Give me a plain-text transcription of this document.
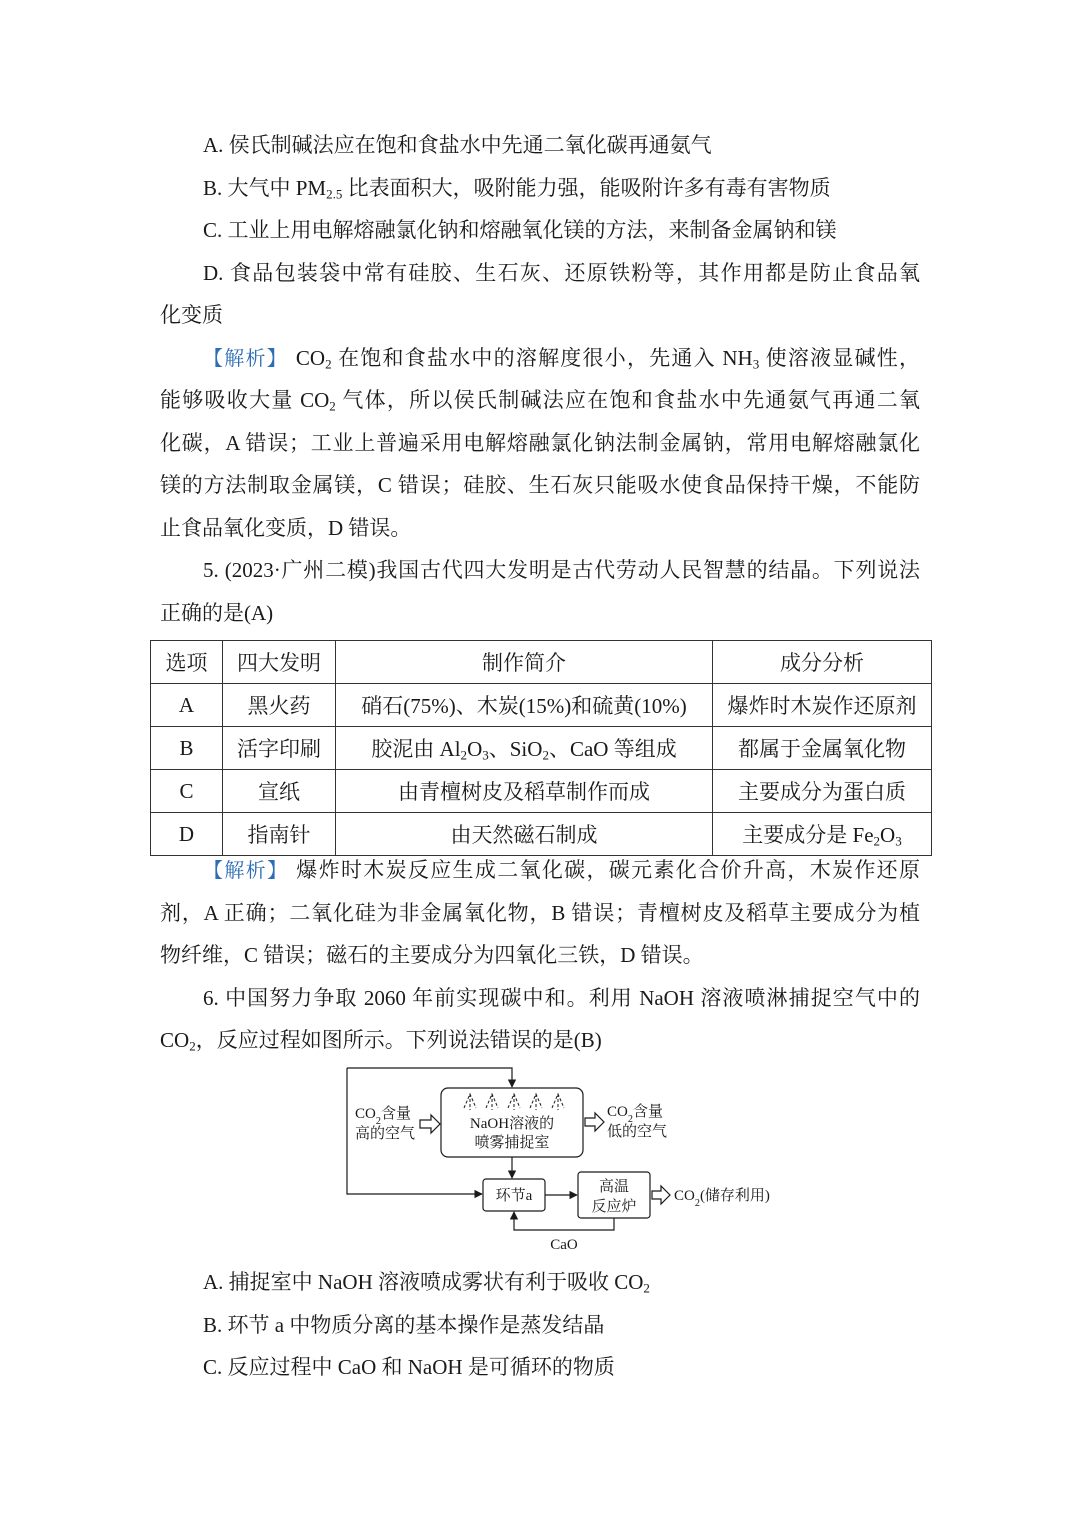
A. 侯氏制碱法应在饱和食盐水中先通二氧化碳再通氨气
B. 大气中 $PM_{2.5}$ 比表面积大，吸附能力强，能吸附许多有毒有害物质
C. 工业上用电解熔融氯化钠和熔融氧化镁的方法，来制备金属钠和镁
D. 食品包装袋中常有硅胶、生石灰、还原铁粉等，其作用都是防止食品氧
化变质
【解析】 $CO_2$ 在饱和食盐水中的溶解度很小，先通入 $NH_3$ 使溶液显碱性，
能够吸收大量 $CO_2$ 气体，所以侯氏制碱法应在饱和食盐水中先通氨气再通二氧
化碳，A 错误；工业上普遍采用电解熔融氯化钠法制金属钠，常用电解熔融氯化
镁的方法制取金属镁，C 错误；硅胶、生石灰只能吸水使食品保持干燥，不能防
止食品氧化变质，D 错误。
5. (2023·广州二模)我国古代四大发明是古代劳动人民智慧的结晶。下列说法
正确的是(A)
选项	四大发明	制作简介	成分分析
A	黑火药	硝石(75%)、木炭(15%)和硫黄(10%)	爆炸时木炭作还原剂
B	活字印刷	胶泥由 $Al_2O_3$、SiO$_2$、CaO 等组成	都属于金属氧化物
C	宣纸	由青檀树皮及稻草制作而成	主要成分为蛋白质
D	指南针	由天然磁石制成	主要成分是 $Fe_2O_3$
【解析】 爆炸时木炭反应生成二氧化碳，碳元素化合价升高，木炭作还原
剂，A 正确；二氧化硅为非金属氧化物，B 错误；青檀树皮及稻草主要成分为植
物纤维，C 错误；磁石的主要成分为四氧化三铁，D 错误。
6. 中国努力争取 2060 年前实现碳中和。利用 NaOH 溶液喷淋捕捉空气中的
$CO_2$，反应过程如图所示。下列说法错误的是(B)
NaOH溶液的
喷雾捕捉室
$CO_2$含量
高的空气
$CO_2$含量
低的空气
环节a
高温
反应炉
$CO_2$(储存利用)
CaO
A. 捕捉室中 NaOH 溶液喷成雾状有利于吸收 $CO_2$
B. 环节 a 中物质分离的基本操作是蒸发结晶
C. 反应过程中 CaO 和 NaOH 是可循环的物质
